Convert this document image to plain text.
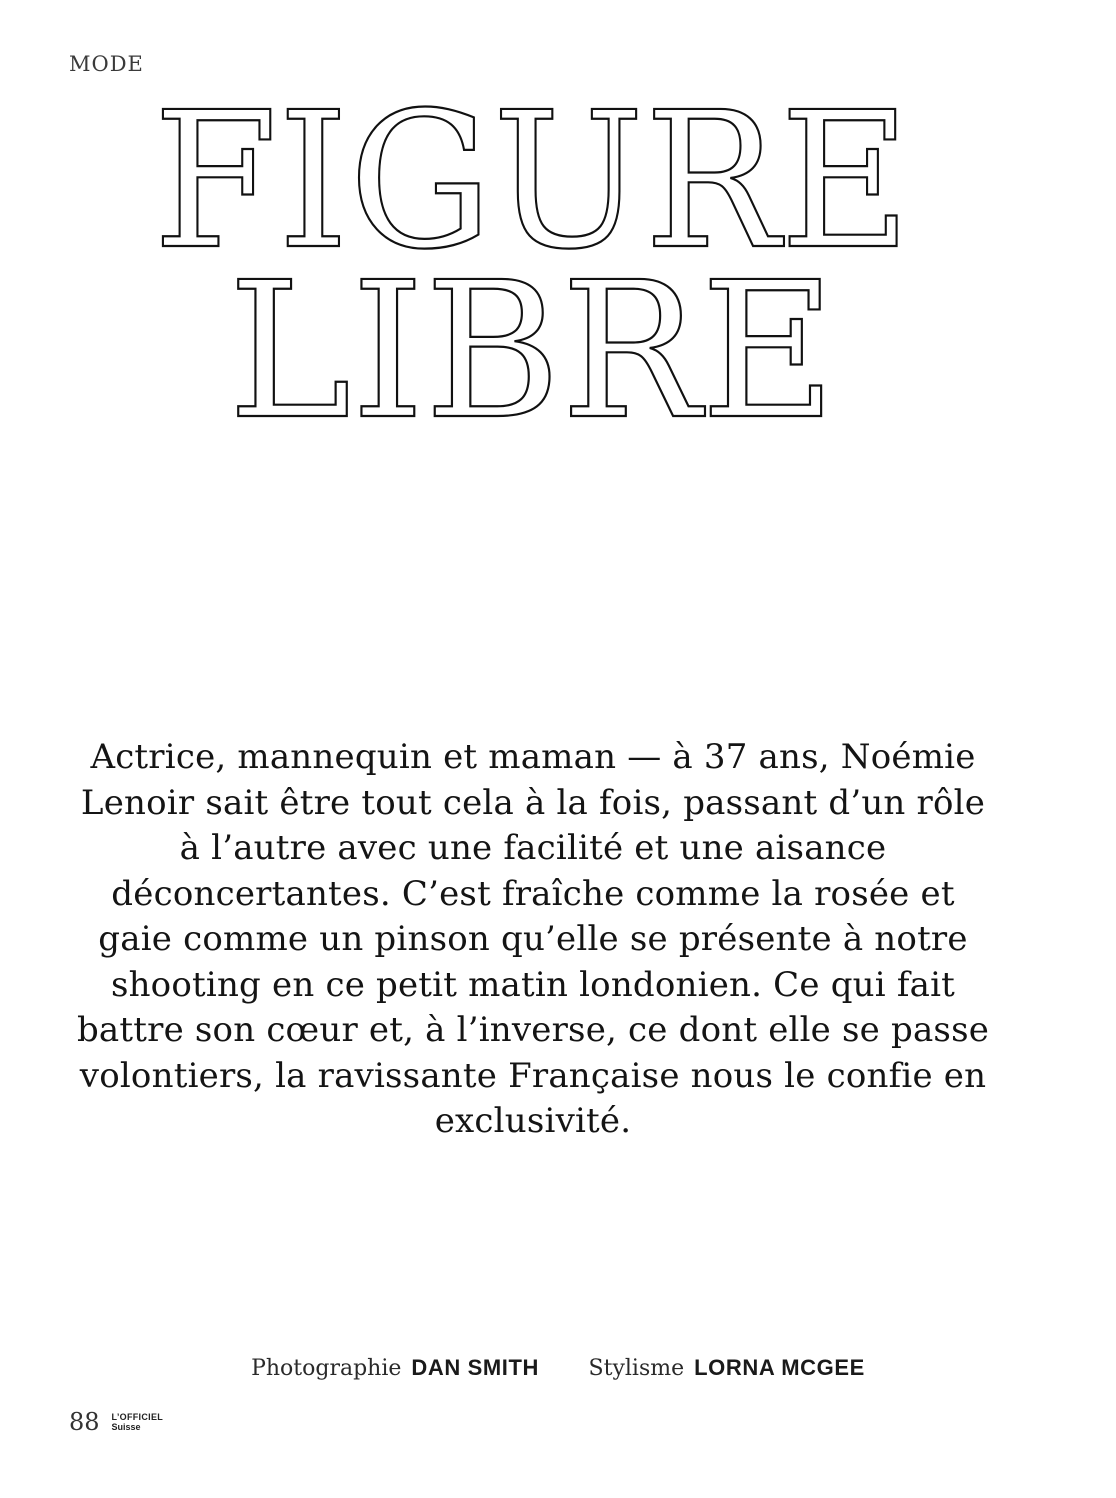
MODE
FIGURE
LIBRE

Actrice, mannequin et maman — à 37 ans, Noémie Lenoir sait être tout cela à la fois, passant d’un rôle à l’autre avec une facilité et une aisance déconcertantes. C’est fraîche comme la rosée et gaie comme un pinson qu’elle se présente à notre shooting en ce petit matin londonien. Ce qui fait battre son cœur et, à l’inverse, ce dont elle se passe volontiers, la ravissante Française nous le confie en exclusivité.

Photographie DAN SMITH Stylisme LORNA MCGEE
88 L’OFFICIEL
Suisse
